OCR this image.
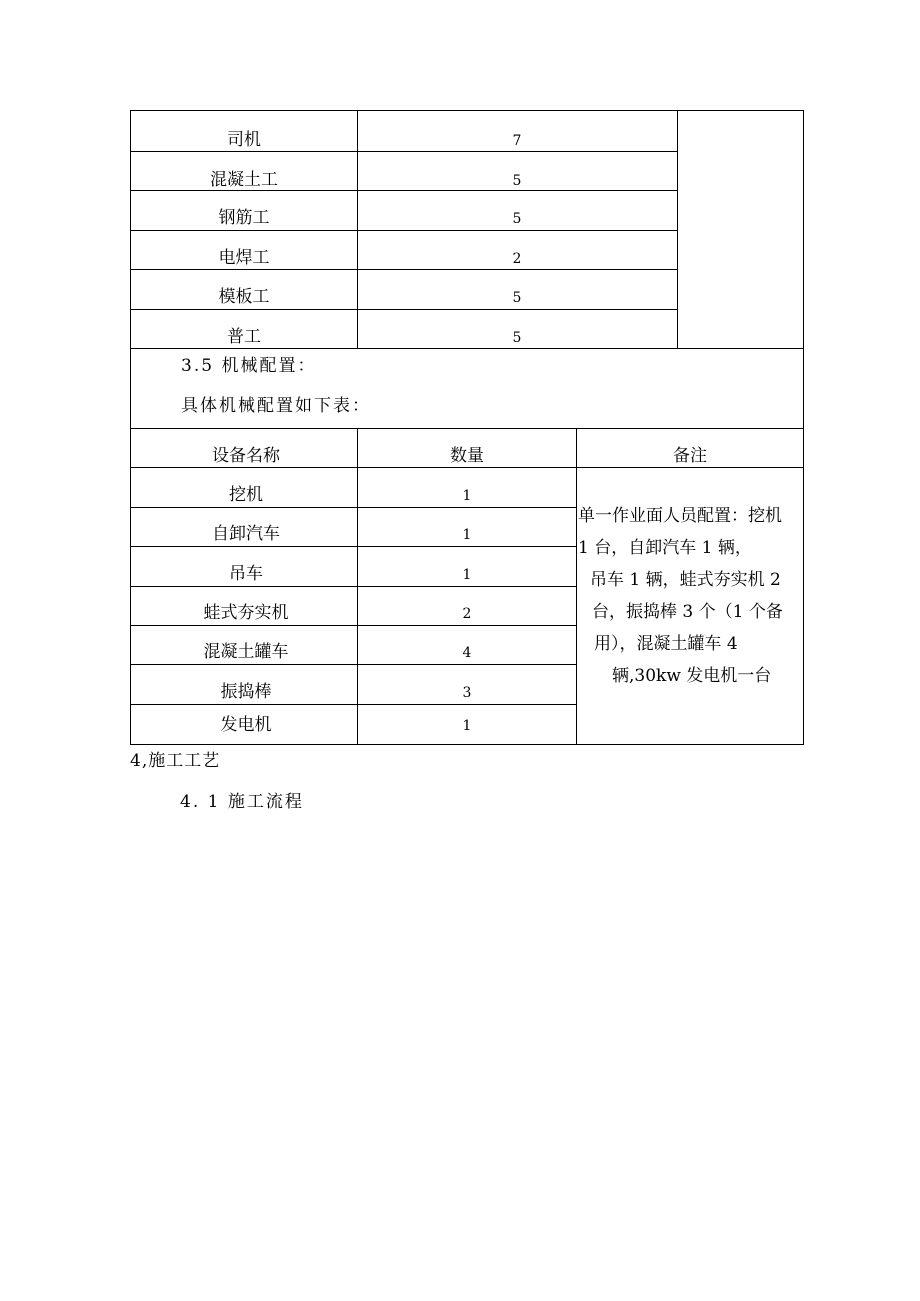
司机	7
混凝土工	5
钢筋工	5
电焊工	2
模板工	5
普工	5
3.5 机械配置：
具体机械配置如下表：
设备名称	数量	备注
挖机	1
自卸汽车	1
吊车	1
蛙式夯实机	2
混凝土罐车	4
振捣棒	3
发电机	1
单一作业面人员配置：挖机
1 台，自卸汽车 1 辆，
吊车 1 辆，蛙式夯实机 2
台，振捣棒 3 个（1 个备
用），混凝土罐车 4
辆,30kw 发电机一台
4,施工工艺
4. 1 施工流程
